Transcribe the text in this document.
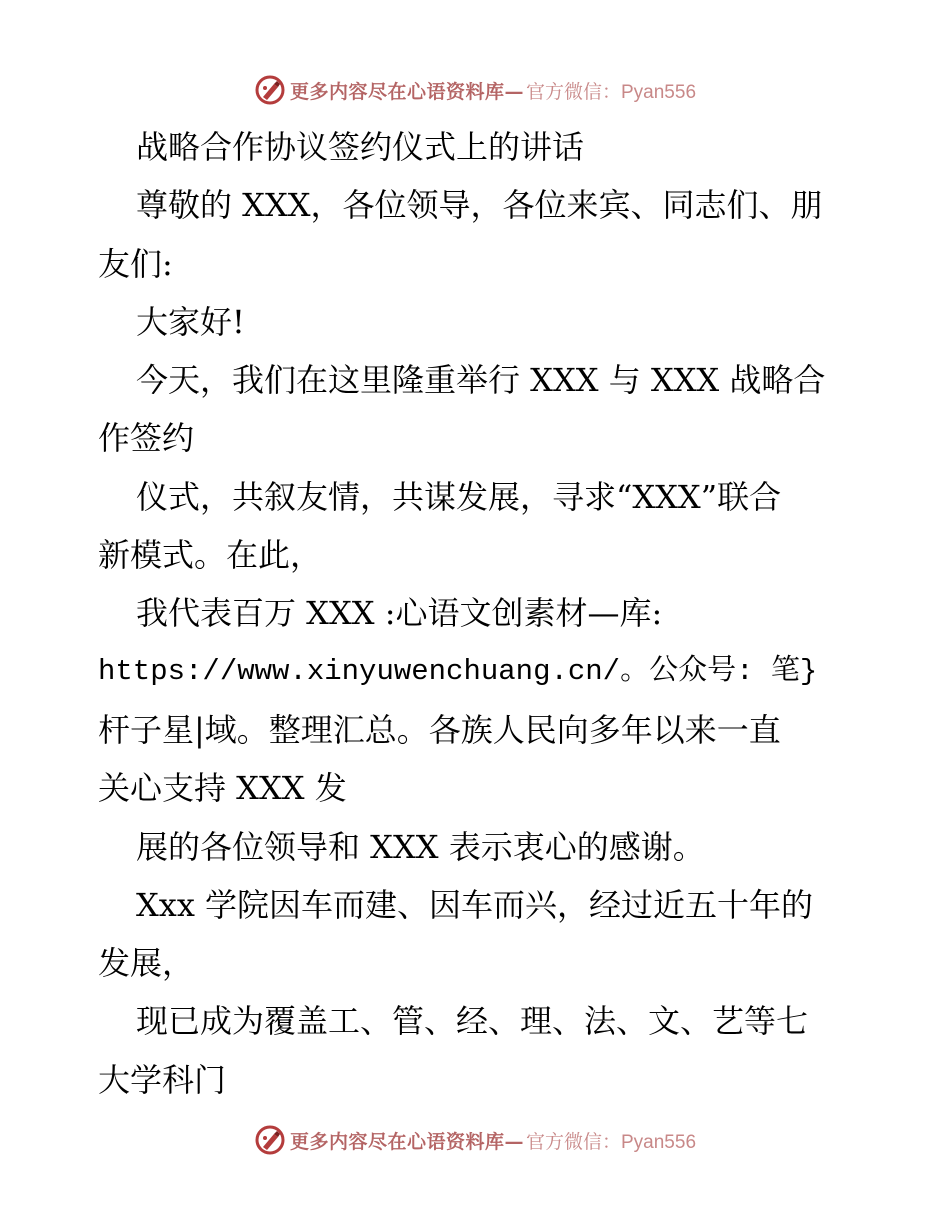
更多内容尽在心语资料库— 官方微信：Pyan556
战略合作协议签约仪式上的讲话
尊敬的 XXX，各位领导，各位来宾、同志们、朋
友们:
大家好!
今天，我们在这里隆重举行 XXX 与 XXX 战略合
作签约
仪式，共叙友情，共谋发展，寻求“XXX”联合
新模式。在此，
我代表百万 XXX :心语文创素材—库:
https://www.xinyuwenchuang.cn/。公众号: 笔}
杆子星|域。整理汇总。各族人民向多年以来一直
关心支持 XXX 发
展的各位领导和 XXX 表示衷心的感谢。
Xxx 学院因车而建、因车而兴，经过近五十年的
发展，
现已成为覆盖工、管、经、理、法、文、艺等七
大学科门
更多内容尽在心语资料库— 官方微信：Pyan556
